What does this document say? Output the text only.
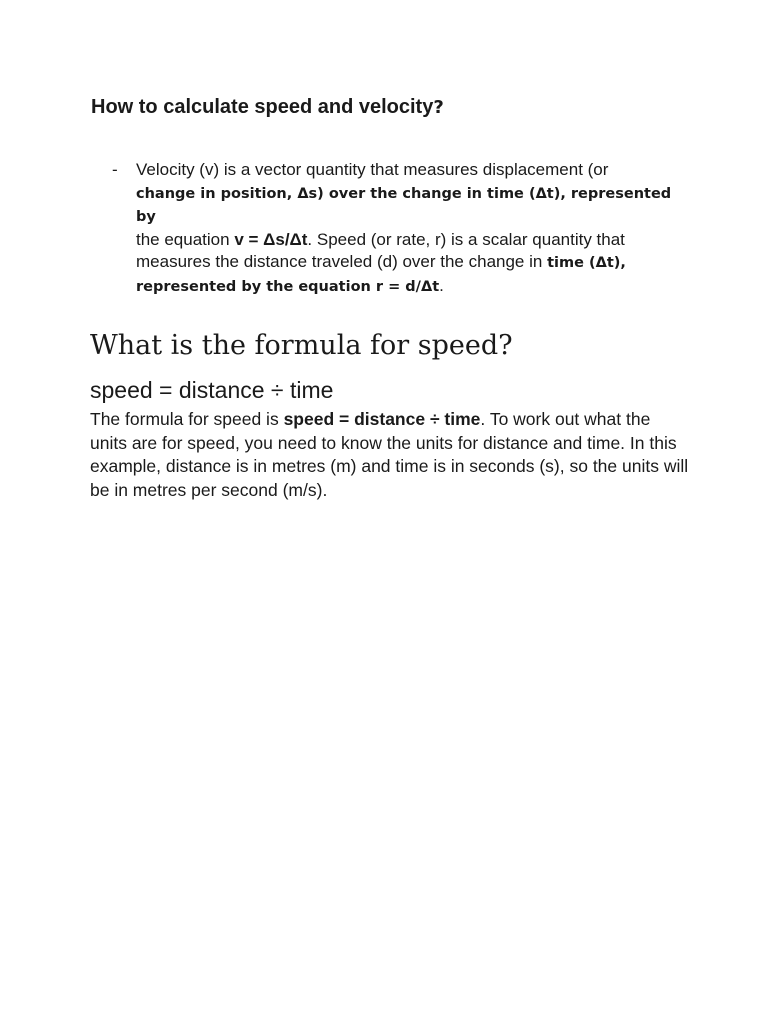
How to calculate speed and velocity?
- Velocity (v) is a vector quantity that measures displacement (or
change in position, Δs) over the change in time (Δt), represented by
the equation v = Δs/Δt. Speed (or rate, r) is a scalar quantity that
measures the distance traveled (d) over the change in time (Δt),
represented by the equation r = d/Δt.
What is the formula for speed?

speed = distance ÷ time

The formula for speed is speed = distance ÷ time. To work out what the units are for speed, you need to know the units for distance and time. In this example, distance is in metres (m) and time is in seconds (s), so the units will be in metres per second (m/s).
